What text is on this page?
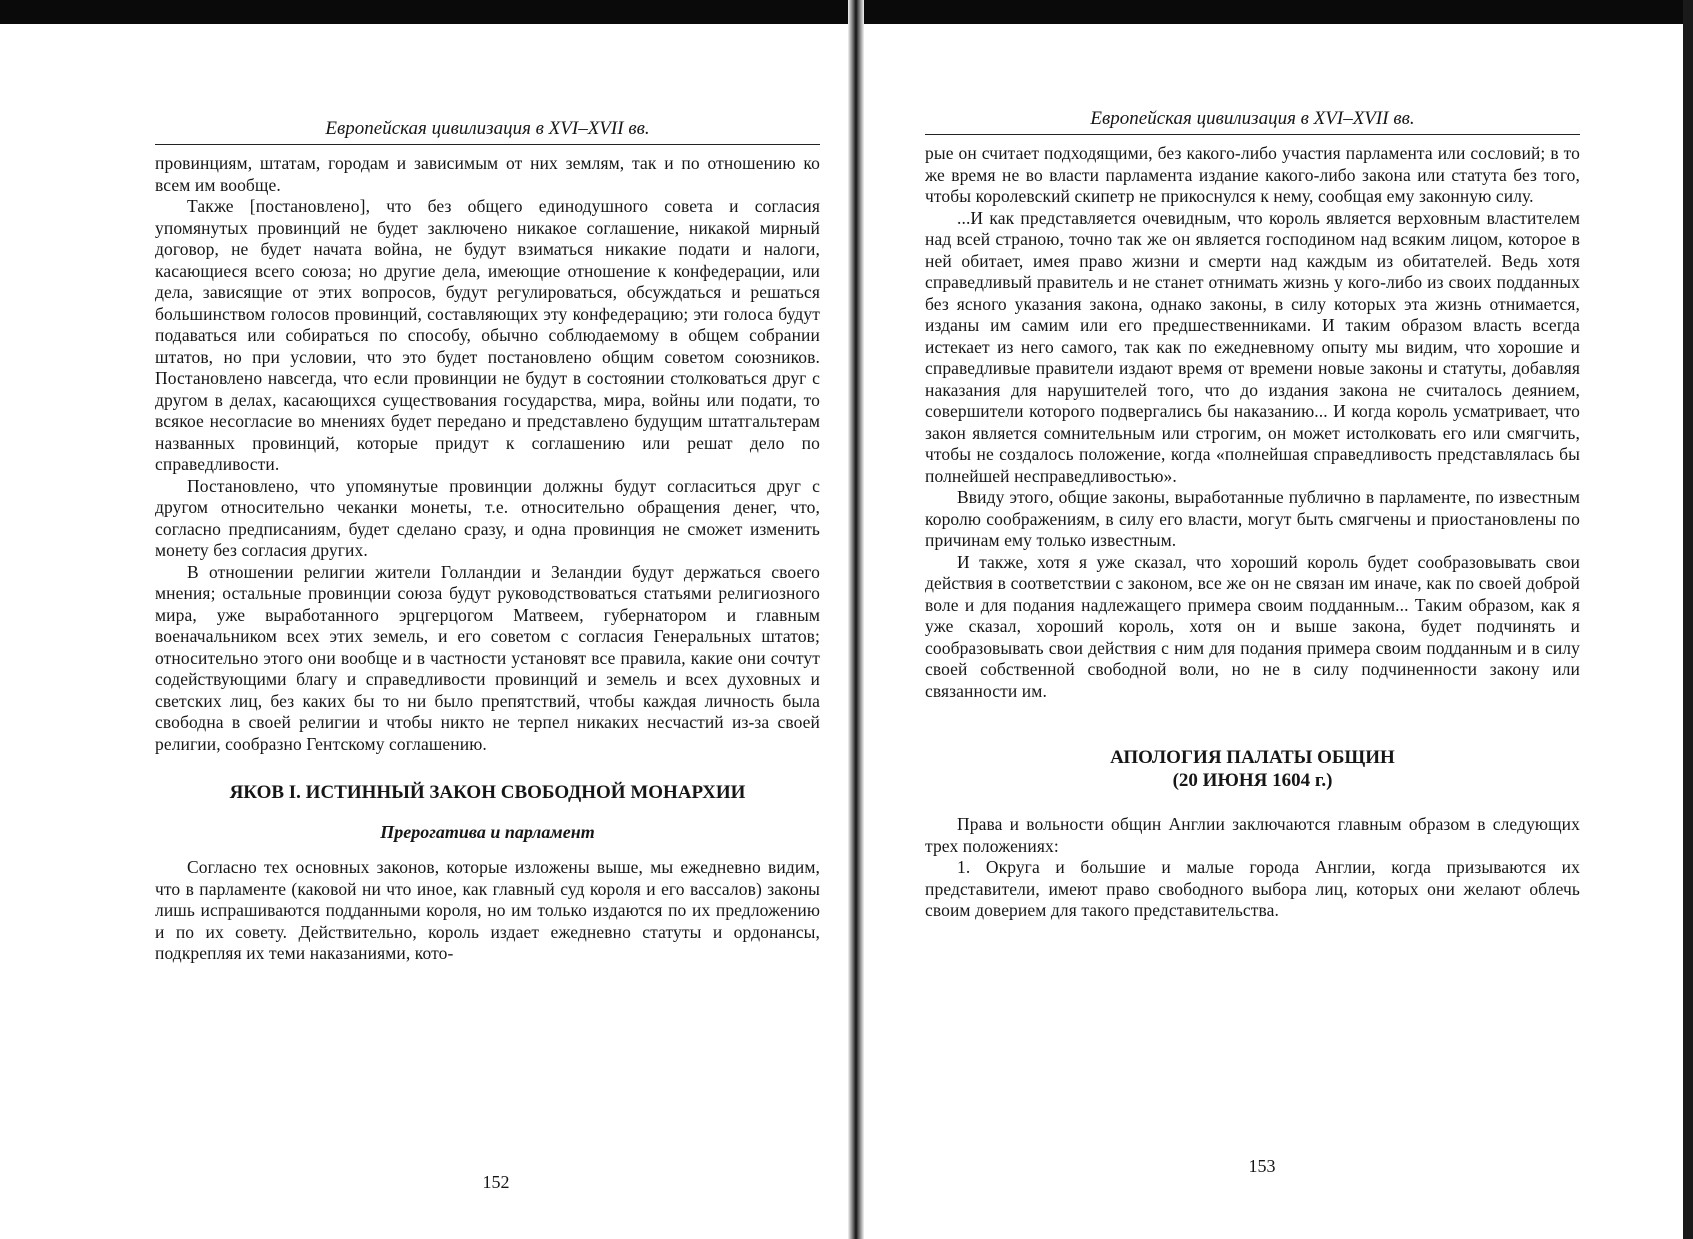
Европейская цивилизация в XVI–XVII вв.

провинциям, штатам, городам и зависимым от них землям, так и по отношению ко всем им вообще.

Также [постановлено], что без общего единодушного совета и согласия упомянутых провинций не будет заключено никакое соглашение, никакой мирный договор, не будет начата война, не будут взиматься никакие подати и налоги, касающиеся всего союза; но другие дела, имеющие отношение к конфедерации, или дела, зависящие от этих вопросов, будут регулироваться, обсуждаться и решаться большинством голосов провинций, составляющих эту конфедерацию; эти голоса будут подаваться или собираться по способу, обычно соблюдаемому в общем собрании штатов, но при условии, что это будет постановлено общим советом союзников. Постановлено навсегда, что если провинции не будут в состоянии столковаться друг с другом в делах, касающихся существования государства, мира, войны или подати, то всякое несогласие во мнениях будет передано и представлено будущим штатгальтерам названных провинций, которые придут к соглашению или решат дело по справедливости.

Постановлено, что упомянутые провинции должны будут согласиться друг с другом относительно чеканки монеты, т.е. относительно обращения денег, что, согласно предписаниям, будет сделано сразу, и одна провинция не сможет изменить монету без согласия других.

В отношении религии жители Голландии и Зеландии будут держаться своего мнения; остальные провинции союза будут руководствоваться статьями религиозного мира, уже выработанного эрцгерцогом Матвеем, губернатором и главным военачальником всех этих земель, и его советом с согласия Генеральных штатов; относительно этого они вообще и в частности установят все правила, какие они сочтут содействующими благу и справедливости провинций и земель и всех духовных и светских лиц, без каких бы то ни было препятствий, чтобы каждая личность была свободна в своей религии и чтобы никто не терпел никаких несчастий из-за своей религии, сообразно Гентскому соглашению.

ЯКОВ I. ИСТИННЫЙ ЗАКОН СВОБОДНОЙ МОНАРХИИ
Прерогатива и парламент

Согласно тех основных законов, которые изложены выше, мы ежедневно видим, что в парламенте (каковой ни что иное, как главный суд короля и его вассалов) законы лишь испрашиваются подданными короля, но им только издаются по их предложению и по их совету. Действительно, король издает ежедневно статуты и ордонансы, подкрепляя их теми наказаниями, кото-

152
Европейская цивилизация в XVI–XVII вв.

рые он считает подходящими, без какого-либо участия парламента или сословий; в то же время не во власти парламента издание какого-либо закона или статута без того, чтобы королевский скипетр не прикоснулся к нему, сообщая ему законную силу.

...И как представляется очевидным, что король является верховным властителем над всей страною, точно так же он является господином над всяким лицом, которое в ней обитает, имея право жизни и смерти над каждым из обитателей. Ведь хотя справедливый правитель и не станет отнимать жизнь у кого-либо из своих подданных без ясного указания закона, однако законы, в силу которых эта жизнь отнимается, изданы им самим или его предшественниками. И таким образом власть всегда истекает из него самого, так как по ежедневному опыту мы видим, что хорошие и справедливые правители издают время от времени новые законы и статуты, добавляя наказания для нарушителей того, что до издания закона не считалось деянием, совершители которого подвергались бы наказанию... И когда король усматривает, что закон является сомнительным или строгим, он может истолковать его или смягчить, чтобы не создалось положение, когда «полнейшая справедливость представлялась бы полнейшей несправедливостью».

Ввиду этого, общие законы, выработанные публично в парламенте, по известным королю соображениям, в силу его власти, могут быть смягчены и приостановлены по причинам ему только известным.

И также, хотя я уже сказал, что хороший король будет сообразовывать свои действия в соответствии с законом, все же он не связан им иначе, как по своей доброй воле и для подания надлежащего примера своим подданным... Таким образом, как я уже сказал, хороший король, хотя он и выше закона, будет подчинять и сообразовывать свои действия с ним для подания примера своим подданным и в силу своей собственной свободной воли, но не в силу подчиненности закону или связанности им.

АПОЛОГИЯ ПАЛАТЫ ОБЩИН
(20 ИЮНЯ 1604 г.)

Права и вольности общин Англии заключаются главным образом в следующих трех положениях:

1. Округа и большие и малые города Англии, когда призываются их представители, имеют право свободного выбора лиц, которых они желают облечь своим доверием для такого представительства.

153
